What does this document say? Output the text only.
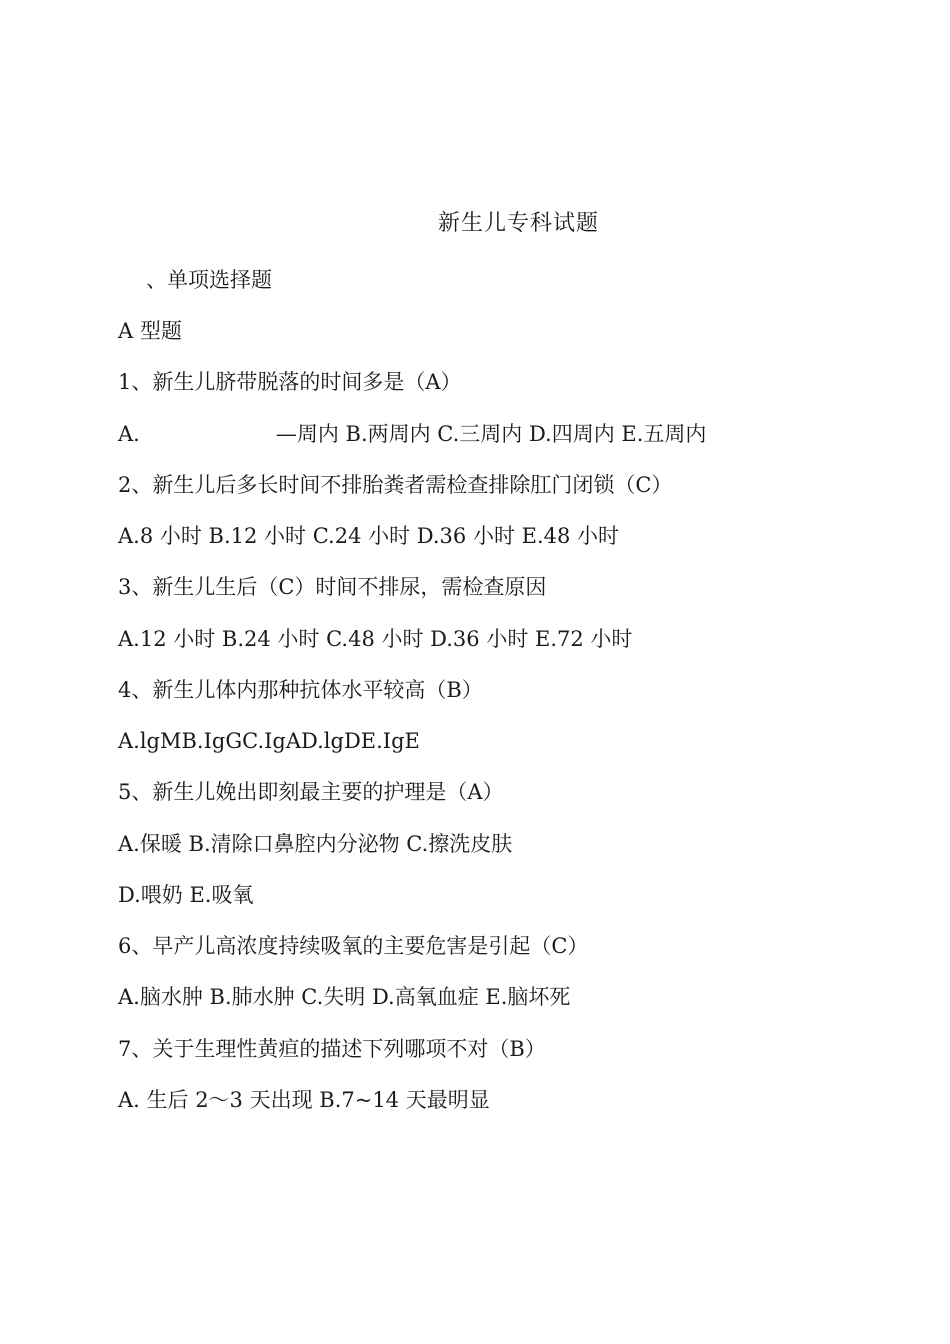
新生儿专科试题
、单项选择题
A 型题
1、新生儿脐带脱落的时间多是（A）
A.	—周内 B.两周内 C.三周内 D.四周内 E.五周内
2、新生儿后多长时间不排胎粪者需检查排除肛门闭锁（C）
A.8 小时 B.12 小时 C.24 小时 D.36 小时 E.48 小时
3、新生儿生后（C）时间不排尿，需检查原因
A.12 小时 B.24 小时 C.48 小时 D.36 小时 E.72 小时
4、新生儿体内那种抗体水平较高（B）
A.lgMB.IgGC.IgAD.lgDE.IgE
5、新生儿娩出即刻最主要的护理是（A）
A.保暖 B.清除口鼻腔内分泌物 C.擦洗皮肤
D.喂奶 E.吸氧
6、早产儿高浓度持续吸氧的主要危害是引起（C）
A.脑水肿 B.肺水肿 C.失明 D.高氧血症 E.脑坏死
7、关于生理性黄疸的描述下列哪项不对（B）
A. 生后 2〜3 天出现 B.7~14 天最明显
